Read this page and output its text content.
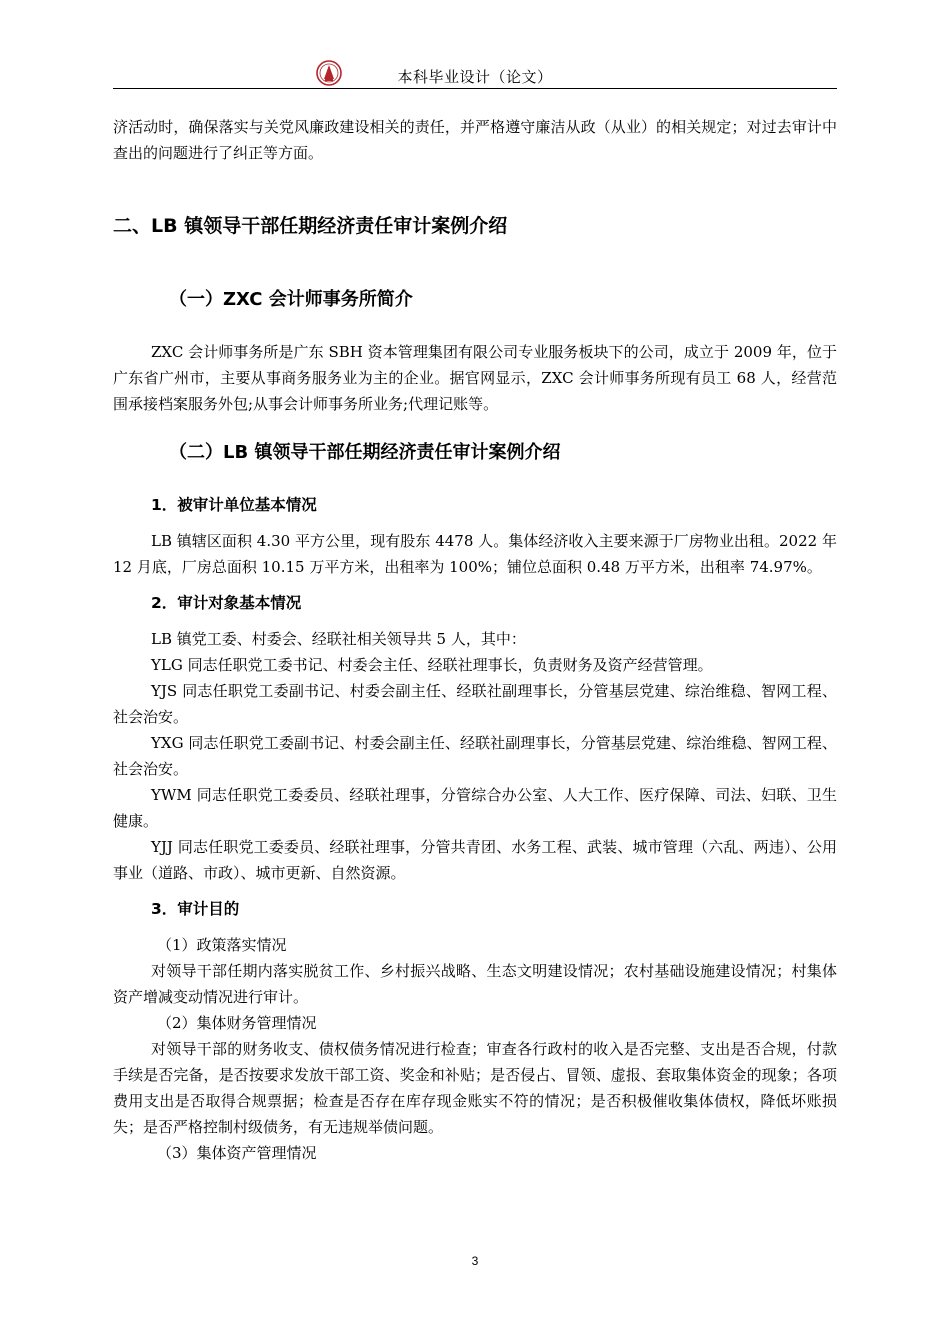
本科毕业设计（论文）

济活动时，确保落实与关党风廉政建设相关的责任，并严格遵守廉洁从政（从业）的相关规定；对过去审计中查出的问题进行了纠正等方面。

二、LB 镇领导干部任期经济责任审计案例介绍
（一）ZXC 会计师事务所简介

ZXC 会计师事务所是广东 SBH 资本管理集团有限公司专业服务板块下的公司，成立于 2009 年，位于广东省广州市，主要从事商务服务业为主的企业。据官网显示，ZXC 会计师事务所现有员工 68 人，经营范围承接档案服务外包;从事会计师事务所业务;代理记账等。

（二）LB 镇领导干部任期经济责任审计案例介绍
1．被审计单位基本情况

LB 镇辖区面积 4.30 平方公里，现有股东 4478 人。集体经济收入主要来源于厂房物业出租。2022 年 12 月底，厂房总面积 10.15 万平方米，出租率为 100%；铺位总面积 0.48 万平方米，出租率 74.97%。

2．审计对象基本情况

LB 镇党工委、村委会、经联社相关领导共 5 人，其中：

YLG 同志任职党工委书记、村委会主任、经联社理事长，负责财务及资产经营管理。

YJS 同志任职党工委副书记、村委会副主任、经联社副理事长，分管基层党建、综治维稳、智网工程、社会治安。

YXG 同志任职党工委副书记、村委会副主任、经联社副理事长，分管基层党建、综治维稳、智网工程、社会治安。

YWM 同志任职党工委委员、经联社理事，分管综合办公室、人大工作、医疗保障、司法、妇联、卫生健康。

YJJ 同志任职党工委委员、经联社理事，分管共青团、水务工程、武装、城市管理（六乱、两违）、公用事业（道路、市政）、城市更新、自然资源。

3．审计目的

（1）政策落实情况

对领导干部任期内落实脱贫工作、乡村振兴战略、生态文明建设情况；农村基础设施建设情况；村集体资产增减变动情况进行审计。

（2）集体财务管理情况

对领导干部的财务收支、债权债务情况进行检查；审查各行政村的收入是否完整、支出是否合规，付款手续是否完备，是否按要求发放干部工资、奖金和补贴；是否侵占、冒领、虚报、套取集体资金的现象；各项费用支出是否取得合规票据；检查是否存在库存现金账实不符的情况；是否积极催收集体债权，降低坏账损失；是否严格控制村级债务，有无违规举债问题。

（3）集体资产管理情况

3
